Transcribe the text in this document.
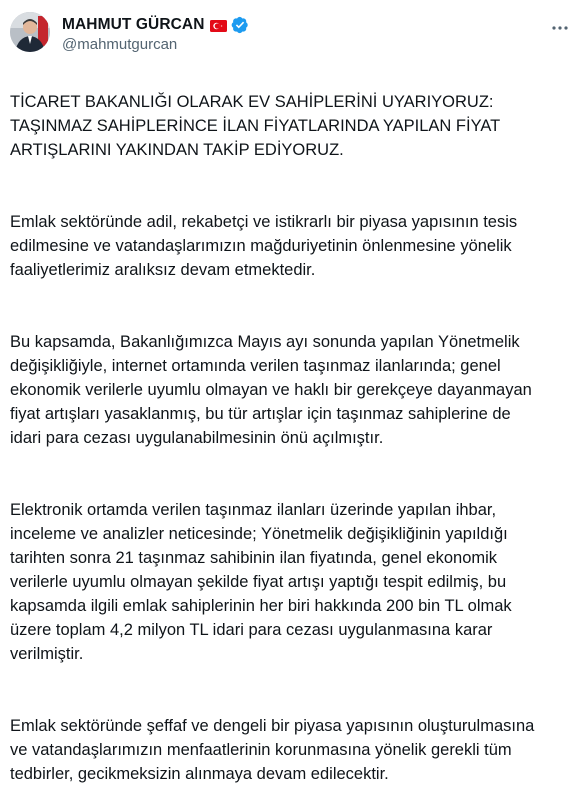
MAHMUT GÜRCAN
@mahmutgurcan

TİCARET BAKANLIĞI OLARAK EV SAHİPLERİNİ UYARIYORUZ:
TAŞINMAZ SAHİPLERİNCE İLAN FİYATLARINDA YAPILAN FİYAT
ARTIŞLARINI YAKINDAN TAKİP EDİYORUZ.

Emlak sektöründe adil, rekabetçi ve istikrarlı bir piyasa yapısının tesis
edilmesine ve vatandaşlarımızın mağduriyetinin önlenmesine yönelik
faaliyetlerimiz aralıksız devam etmektedir.

Bu kapsamda, Bakanlığımızca Mayıs ayı sonunda yapılan Yönetmelik
değişikliğiyle, internet ortamında verilen taşınmaz ilanlarında; genel
ekonomik verilerle uyumlu olmayan ve haklı bir gerekçeye dayanmayan
fiyat artışları yasaklanmış, bu tür artışlar için taşınmaz sahiplerine de
idari para cezası uygulanabilmesinin önü açılmıştır.

Elektronik ortamda verilen taşınmaz ilanları üzerinde yapılan ihbar,
inceleme ve analizler neticesinde; Yönetmelik değişikliğinin yapıldığı
tarihten sonra 21 taşınmaz sahibinin ilan fiyatında, genel ekonomik
verilerle uyumlu olmayan şekilde fiyat artışı yaptığı tespit edilmiş, bu
kapsamda ilgili emlak sahiplerinin her biri hakkında 200 bin TL olmak
üzere toplam 4,2 milyon TL idari para cezası uygulanmasına karar
verilmiştir.

Emlak sektöründe şeffaf ve dengeli bir piyasa yapısının oluşturulmasına
ve vatandaşlarımızın menfaatlerinin korunmasına yönelik gerekli tüm
tedbirler, gecikmeksizin alınmaya devam edilecektir.
